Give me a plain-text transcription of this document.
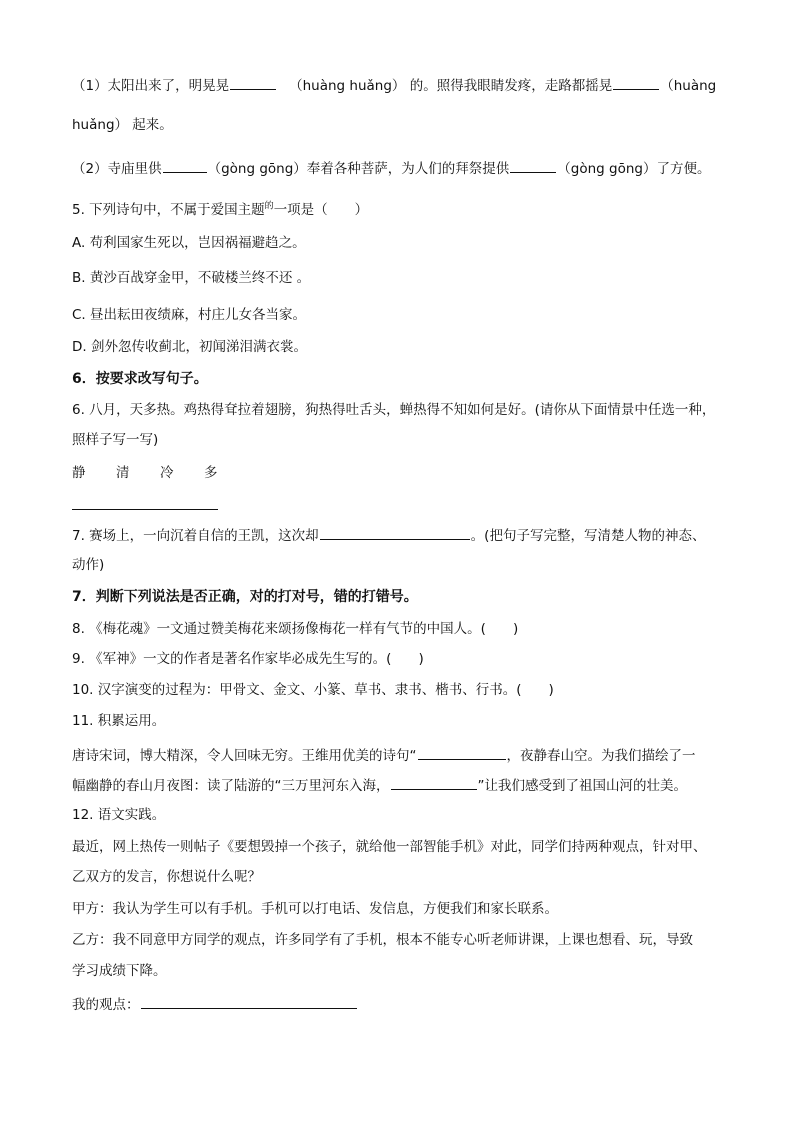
（1）太阳出来了，明晃晃	（huàng huǎng） 的。照得我眼睛发疼，走路都摇晃	（huàng
huǎng） 起来。
（2）寺庙里供	（gòng gōng）奉着各种菩萨，为人们的拜祭提供	（gòng gōng）了方便。
5. 下列诗句中，不属于爱国主题$^的$一项是（　　）
A. 苟利国家生死以，岂因祸福避趋之。
B. 黄沙百战穿金甲，不破楼兰终不还 。
C. 昼出耘田夜绩麻，村庄儿女各当家。
D. 剑外忽传收蓟北，初闻涕泪满衣裳。
6．按要求改写句子。
6. 八月，天多热。鸡热得耷拉着翅膀，狗热得吐舌头，蝉热得不知如何是好。(请你从下面情景中任选一种，
照样子写一写)
静 清 冷 多
7. 赛场上，一向沉着自信的王凯，这次却	。(把句子写完整，写清楚人物的神态、
动作)
7．判断下列说法是否正确，对的打对号，错的打错号。
8. 《梅花魂》一文通过赞美梅花来颂扬像梅花一样有气节的中国人。(　　)
9. 《军神》一文的作者是著名作家毕必成先生写的。(　　)
10. 汉字演变的过程为：甲骨文、金文、小篆、草书、隶书、楷书、行书。(　　)
11. 积累运用。
唐诗宋词，博大精深，令人回味无穷。王维用优美的诗句“	，夜静春山空。为我们描绘了一
幅幽静的春山月夜图：读了陆游的“三万里河东入海，	”让我们感受到了祖国山河的壮美。
12. 语文实践。
最近，网上热传一则帖子《要想毁掉一个孩子，就给他一部智能手机》对此，同学们持两种观点，针对甲、
乙双方的发言，你想说什么呢？
甲方：我认为学生可以有手机。手机可以打电话、发信息，方便我们和家长联系。
乙方：我不同意甲方同学的观点，许多同学有了手机，根本不能专心听老师讲课，上课也想看、玩，导致
学习成绩下降。
我的观点：
